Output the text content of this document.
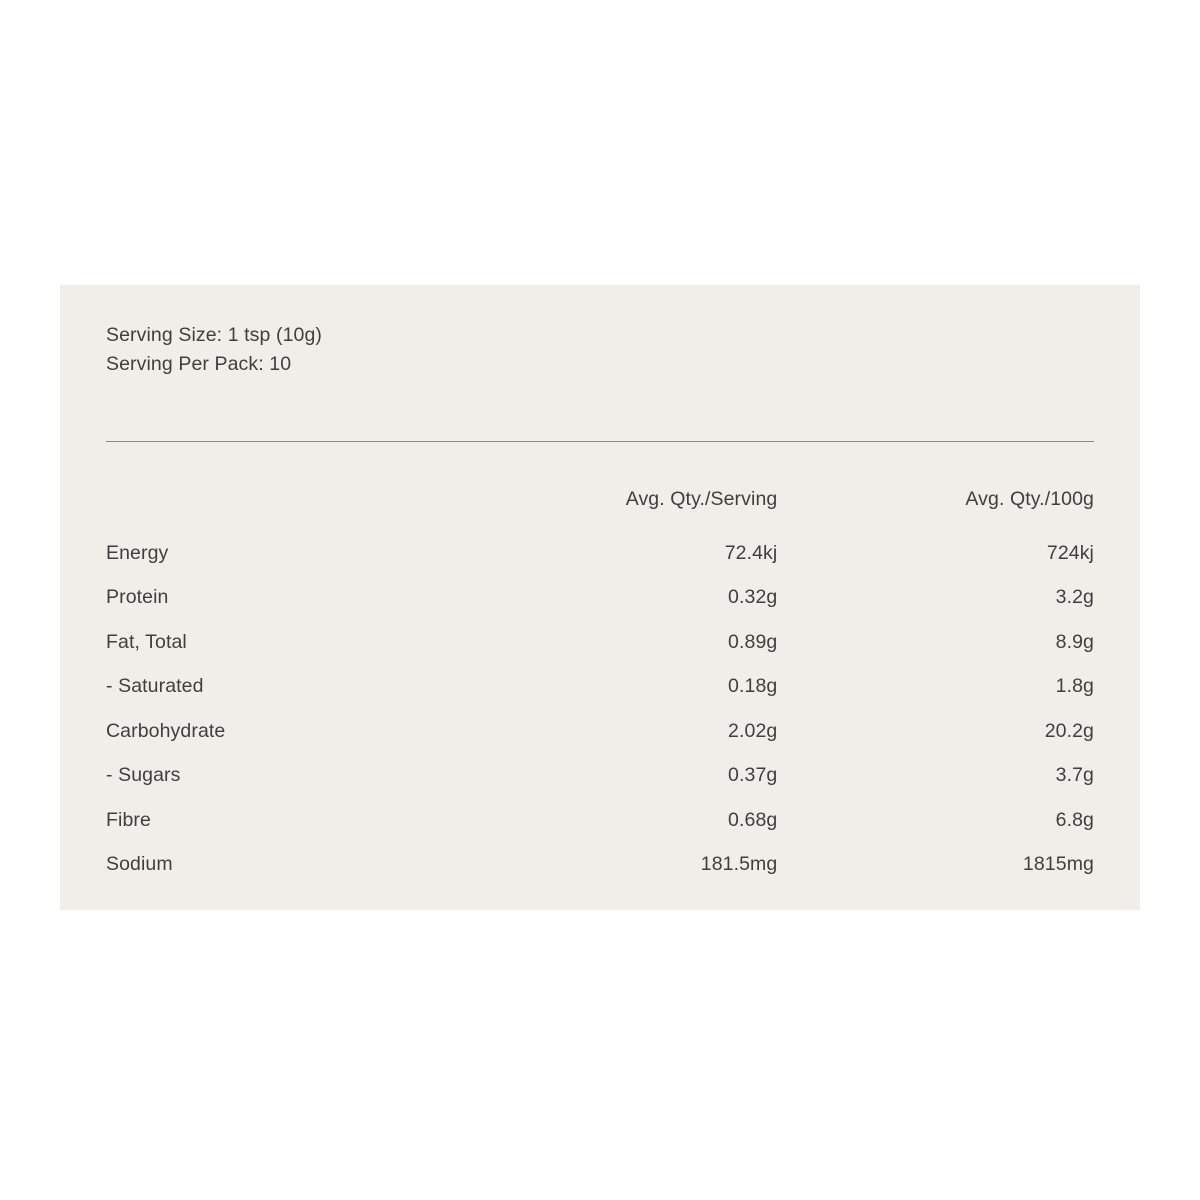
Serving Size: 1 tsp (10g)
Serving Per Pack: 10
	Avg. Qty./Serving	Avg. Qty./100g
Energy	72.4kj	724kj
Protein	0.32g	3.2g
Fat, Total	0.89g	8.9g
- Saturated	0.18g	1.8g
Carbohydrate	2.02g	20.2g
- Sugars	0.37g	3.7g
Fibre	0.68g	6.8g
Sodium	181.5mg	1815mg
